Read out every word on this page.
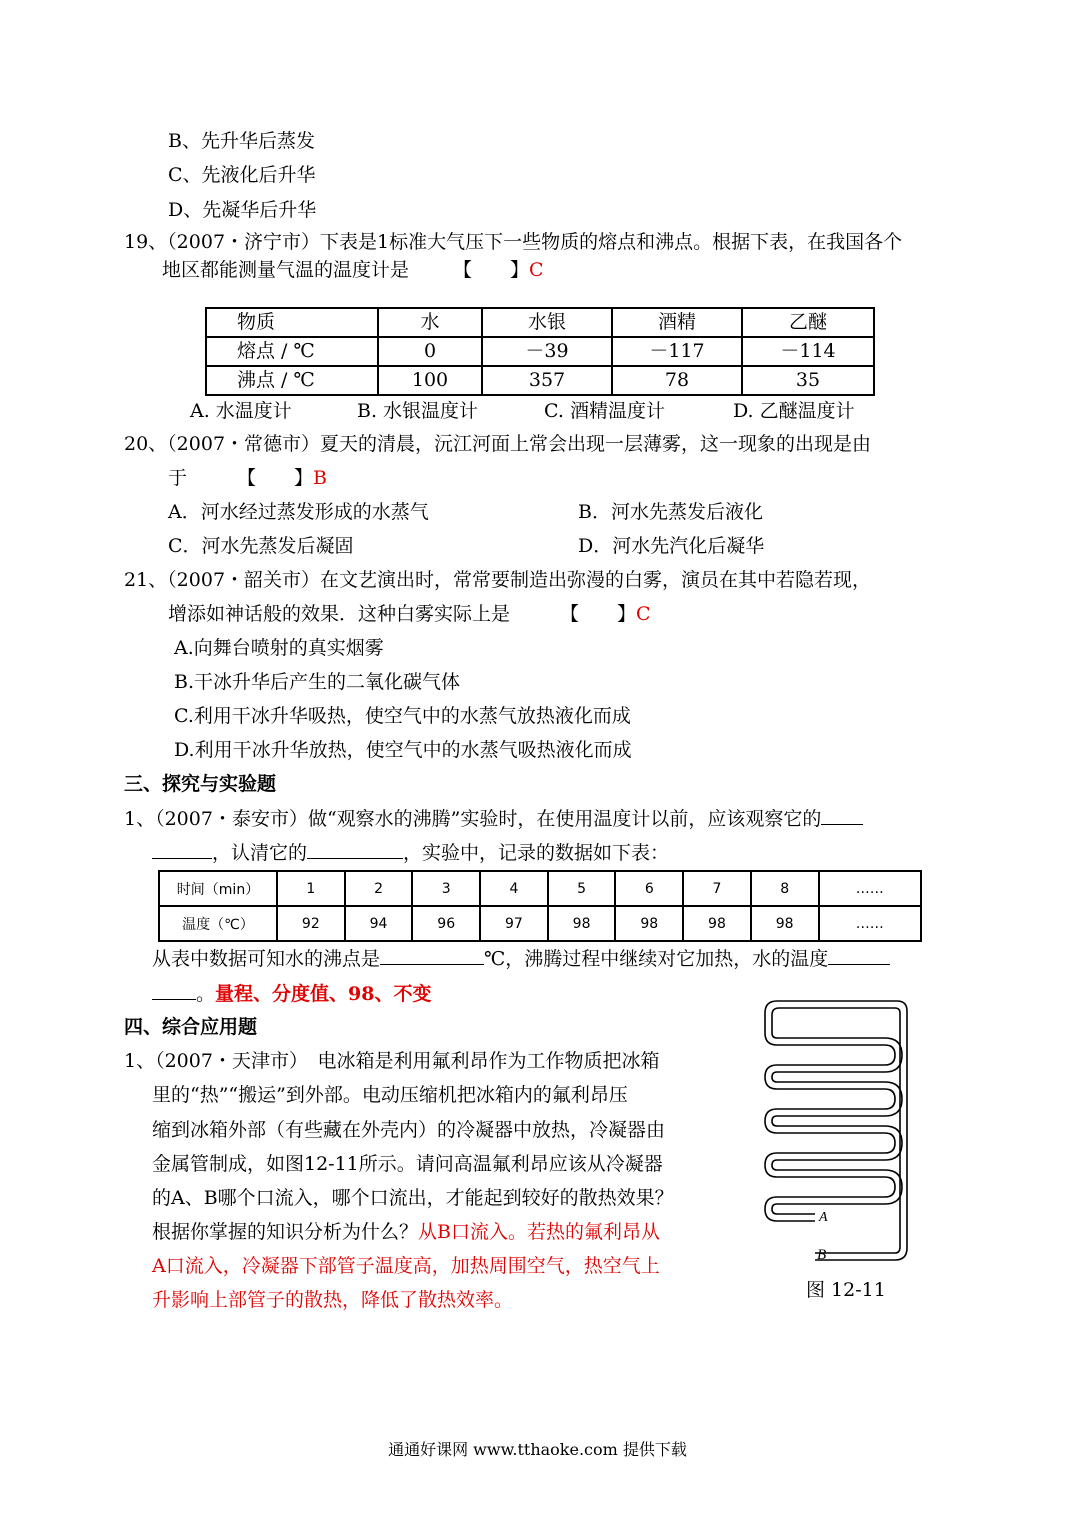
B、先升华后蒸发
C、先液化后升华
D、先凝华后升华
19、（2007・济宁市）下表是1标准大气压下一些物质的熔点和沸点。根据下表，在我国各个
地区都能测量气温的温度计是 【　　】C
物质	水	水银	酒精	乙醚
熔点 / ℃	0	－39	－117	－114
沸点 / ℃	100	357	78	35
A. 水温度计	B. 水银温度计	C. 酒精温度计	D. 乙醚温度计
20、（2007・常德市）夏天的清晨，沅江河面上常会出现一层薄雾，这一现象的出现是由
于	【　　】B
A．河水经过蒸发形成的水蒸气	B．河水先蒸发后液化
C．河水先蒸发后凝固	D．河水先汽化后凝华
21、（2007・韶关市）在文艺演出时，常常要制造出弥漫的白雾，演员在其中若隐若现，
增添如神话般的效果．这种白雾实际上是	【　　】C
A.向舞台喷射的真实烟雾
B.干冰升华后产生的二氧化碳气体
C.利用干冰升华吸热，使空气中的水蒸气放热液化而成
D.利用干冰升华放热，使空气中的水蒸气吸热液化而成
三、探究与实验题
1、（2007・泰安市）做“观察水的沸腾”实验时，在使用温度计以前，应该观察它的
，认清它的	，实验中，记录的数据如下表：
时间（min）	1	2	3	4	5	6	7	8	……
温度（℃）	92	94	96	97	98	98	98	98	……
从表中数据可知水的沸点是	℃，沸腾过程中继续对它加热，水的温度
。量程、分度值、98、不变
四、综合应用题
1、（2007・天津市）　电冰箱是利用氟利昂作为工作物质把冰箱
里的“热”“搬运”到外部。电动压缩机把冰箱内的氟利昂压
缩到冰箱外部（有些藏在外壳内）的冷凝器中放热，冷凝器由
金属管制成，如图12-11所示。请问高温氟利昂应该从冷凝器
的A、B哪个口流入，哪个口流出，才能起到较好的散热效果？
根据你掌握的知识分析为什么？从B口流入。若热的氟利昂从
A口流入，冷凝器下部管子温度高，加热周围空气，热空气上
升影响上部管子的散热，降低了散热效率。
A
B
图 12-11
通通好课网 www.tthaoke.com 提供下载
